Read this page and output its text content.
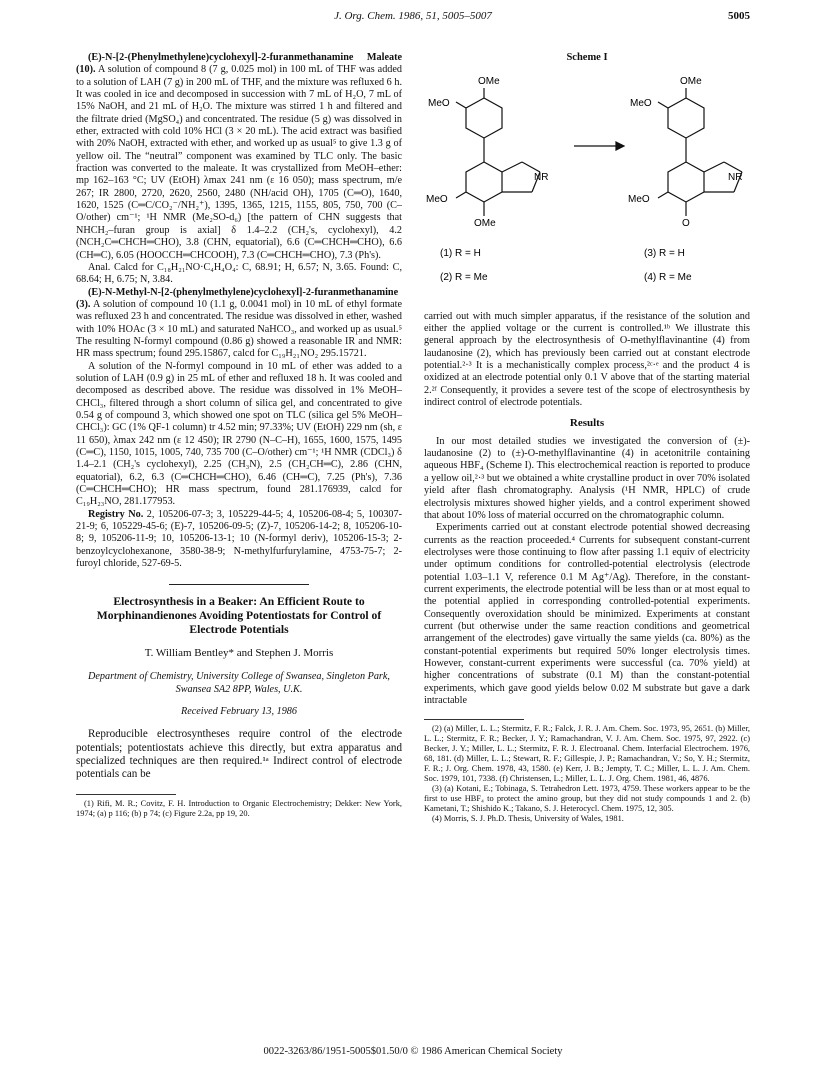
J. Org. Chem. 1986, 51, 5005–5007	5005

(E)-N-[2-(Phenylmethylene)cyclohexyl]-2-furanmethanamine Maleate (10). A solution of compound 8 (7 g, 0.025 mol) in 100 mL of THF was added to a solution of LAH (7 g) in 200 mL of THF, and the mixture was refluxed 6 h. It was cooled in ice and decomposed in succession with 7 mL of H₂O, 7 mL of 15% NaOH, and 21 mL of H₂O. The mixture was stirred 1 h and filtered and the filtrate dried (MgSO₄) and concentrated. The residue (5 g) was dissolved in ether, extracted with cold 10% HCl (3 × 20 mL). The acid extract was basified with 20% NaOH, extracted with ether, and worked up as usual⁵ to give 1.3 g of yellow oil. The “neutral” component was examined by TLC only. The basic fraction was converted to the maleate. It was crystallized from MeOH–ether: mp 162–163 °C; UV (EtOH) λmax 241 nm (ε 16 050); mass spectrum, m/e 267; IR 2800, 2720, 2620, 2560, 2480 (NH/acid OH), 1705 (C═O), 1640, 1620, 1525 (C═C/CO₂⁻/NH₂⁺), 1395, 1365, 1215, 1155, 805, 750, 700 (C–O/other) cm⁻¹; ¹H NMR (Me₂SO-d₆) [the pattern of CHN suggests that NHCH₂–furan group is axial] δ 1.4–2.2 (CH₂'s, cyclohexyl), 4.2 (NCH₂C═CHCH═CHO), 3.8 (CHN, equatorial), 6.6 (C═CHCH═CHO), 6.6 (CH═C), 6.05 (HOOCCH═CHCOOH), 7.3 (C═CHCH═CHO), 7.3 (Ph's).

Anal. Calcd for C₁₈H₂₁NO·C₄H₄O₄: C, 68.91; H, 6.57; N, 3.65. Found: C, 68.64; H, 6.75; N, 3.84.

(E)-N-Methyl-N-[2-(phenylmethylene)cyclohexyl]-2-furanmethanamine (3). A solution of compound 10 (1.1 g, 0.0041 mol) in 10 mL of ethyl formate was refluxed 23 h and concentrated. The residue was dissolved in ether, washed with 10% HOAc (3 × 10 mL) and saturated NaHCO₃, and worked up as usual.⁵ The resulting N-formyl compound (0.86 g) showed a reasonable IR and NMR: HR mass spectrum; found 295.15867, calcd for C₁₉H₂₁NO₂ 295.15721.

A solution of the N-formyl compound in 10 mL of ether was added to a solution of LAH (0.9 g) in 25 mL of ether and refluxed 18 h. It was cooled and decomposed as described above. The residue was dissolved in 1% MeOH–CHCl₃, filtered through a short column of silica gel, and concentrated to give 0.54 g of compound 3, which showed one spot on TLC (silica gel 5% MeOH–CHCl₃): GC (1% QF-1 column) tr 4.52 min; 97.33%; UV (EtOH) 229 nm (sh, ε 11 650), λmax 242 nm (ε 12 450); IR 2790 (N–C–H), 1655, 1600, 1575, 1495 (C═C), 1150, 1015, 1005, 740, 735 700 (C–O/other) cm⁻¹; ¹H NMR (CDCl₃) δ 1.4–2.1 (CH₂'s cyclohexyl), 2.25 (CH₃N), 2.5 (CH₂CH═C), 2.86 (CHN, equatorial), 6.2, 6.3 (C═CHCH═CHO), 6.46 (CH═C), 7.25 (Ph's), 7.36 (C═CHCH═CHO); HR mass spectrum, found 281.176939, calcd for C₁₉H₂₃NO, 281.177953.

Registry No. 2, 105206-07-3; 3, 105229-44-5; 4, 105206-08-4; 5, 100307-21-9; 6, 105229-45-6; (E)-7, 105206-09-5; (Z)-7, 105206-14-2; 8, 105206-10-8; 9, 105206-11-9; 10, 105206-13-1; 10 (N-formyl deriv), 105206-15-3; 2-benzoylcyclohexanone, 3580-38-9; N-methylfurfurylamine, 4753-75-7; 2-furoyl chloride, 527-69-5.

Electrosynthesis in a Beaker: An Efficient Route to Morphinandienones Avoiding Potentiostats for Control of Electrode Potentials
T. William Bentley* and Stephen J. Morris
Department of Chemistry, University College of Swansea, Singleton Park, Swansea SA2 8PP, Wales, U.K.
Received February 13, 1986

Reproducible electrosyntheses require control of the electrode potentials; potentiostats achieve this directly, but extra apparatus and specialized techniques are then required.¹ᵃ Indirect control of electrode potentials can be

(1) Rifi, M. R.; Covitz, F. H. Introduction to Organic Electrochemistry; Dekker: New York, 1974; (a) p 116; (b) p 74; (c) Figure 2.2a, pp 19, 20.

Scheme I
OMe
MeO
NR
MeO
OMe
OMe
MeO
NR
MeO
O
(1) R = H
(2) R = Me
(3) R = H
(4) R = Me

carried out with much simpler apparatus, if the resistance of the solution and either the applied voltage or the current is controlled.¹ᵇ We illustrate this general approach by the electrosynthesis of O-methylflavinantine (4) from laudanosine (2), which has previously been carried out at constant electrode potential.²·³ It is a mechanistically complex process,²ᶜ·ᵉ and the product 4 is oxidized at an electrode potential only 0.1 V above that of the starting material 2.²ᶠ Consequently, it provides a severe test of the scope of electrosynthesis by indirect control of electrode potentials.

Results

In our most detailed studies we investigated the conversion of (±)-laudanosine (2) to (±)-O-methylflavinantine (4) in acetonitrile containing aqueous HBF₄ (Scheme I). This electrochemical reaction is reported to produce a yellow oil,²·³ but we obtained a white crystalline product in over 70% isolated yield after flash chromatography. Analysis (¹H NMR, HPLC) of crude electrolysis mixtures showed higher yields, and a control experiment showed that about 10% loss of material occurred on the chromatographic column.

Experiments carried out at constant electrode potential showed decreasing currents as the reaction proceeded.⁴ Currents for subsequent constant-current electrolyses were those continuing to flow after passing 1.1 equiv of electricity under optimum conditions for controlled-potential electrolysis (electrode potential 1.03–1.1 V, reference 0.1 M Ag⁺/Ag). Therefore, in the constant-current experiments, the electrode potential will be less than or at most equal to the potential applied in corresponding controlled-potential experiments. Consequently overoxidation should be minimized. Experiments at constant current (but otherwise under the same reaction conditions and geometrical arrangement of the electrodes) gave virtually the same yields (ca. 80%) as the constant-potential experiments but required 50% longer electrolysis times. However, constant-current experiments were successful (ca. 70% yield) at higher concentrations of substrate (0.1 M) than the constant-potential experiments, which gave good yields below 0.02 M substrate but gave a dark intractable

(2) (a) Miller, L. L.; Stermitz, F. R.; Falck, J. R. J. Am. Chem. Soc. 1973, 95, 2651. (b) Miller, L. L.; Stermitz, F. R.; Becker, J. Y.; Ramachandran, V. J. Am. Chem. Soc. 1975, 97, 2922. (c) Becker, J. Y.; Miller, L. L.; Stermitz, F. R. J. Electroanal. Chem. Interfacial Electrochem. 1976, 68, 181. (d) Miller, L. L.; Stewart, R. F.; Gillespie, J. P.; Ramachandran, V.; So, Y. H.; Stermitz, F. R.; J. Org. Chem. 1978, 43, 1580. (e) Kerr, J. B.; Jempty, T. C.; Miller, L. L. J. Am. Chem. Soc. 1979, 101, 7338. (f) Christensen, L.; Miller, L. L. J. Org. Chem. 1981, 46, 4876.

(3) (a) Kotani, E.; Tobinaga, S. Tetrahedron Lett. 1973, 4759. These workers appear to be the first to use HBF₄ to protect the amino group, but they did not study compounds 1 and 2. (b) Kametani, T.; Shishido K.; Takano, S. J. Heterocycl. Chem. 1975, 12, 305.

(4) Morris, S. J. Ph.D. Thesis, University of Wales, 1981.

0022-3263/86/1951-5005$01.50/0 © 1986 American Chemical Society
